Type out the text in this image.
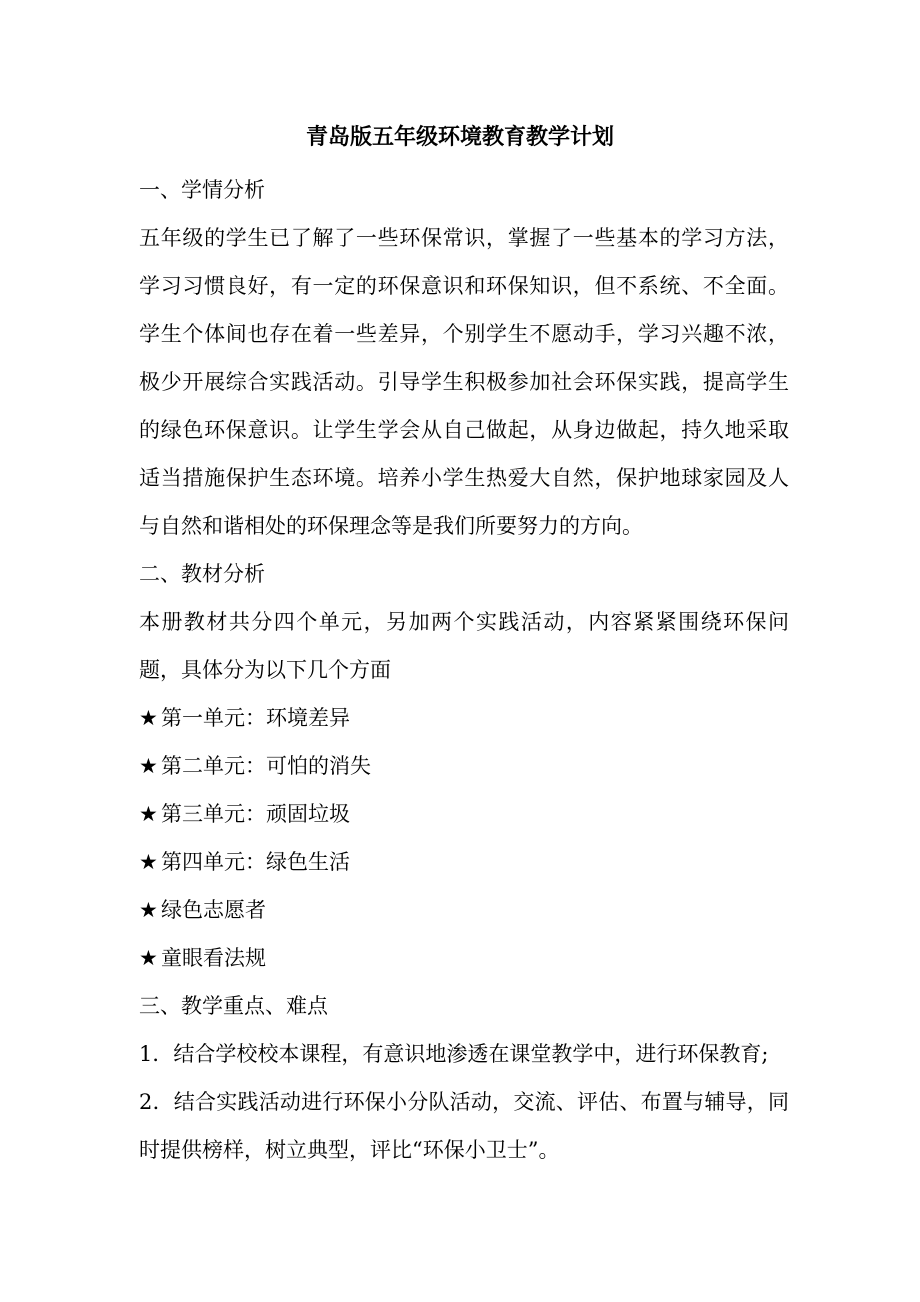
青岛版五年级环境教育教学计划
一、学情分析

五年级的学生已了解了一些环保常识，掌握了一些基本的学习方法，学习习惯良好，有一定的环保意识和环保知识，但不系统、不全面。学生个体间也存在着一些差异，个别学生不愿动手，学习兴趣不浓，极少开展综合实践活动。引导学生积极参加社会环保实践，提高学生的绿色环保意识。让学生学会从自己做起，从身边做起，持久地采取适当措施保护生态环境。培养小学生热爱大自然，保护地球家园及人与自然和谐相处的环保理念等是我们所要努力的方向。

二、教材分析

本册教材共分四个单元，另加两个实践活动，内容紧紧围绕环保问题，具体分为以下几个方面

★ 第一单元：环境差异
★ 第二单元：可怕的消失
★ 第三单元：顽固垃圾
★ 第四单元：绿色生活
★ 绿色志愿者
★ 童眼看法规
三、教学重点、难点

1．结合学校校本课程，有意识地渗透在课堂教学中，进行环保教育;

2．结合实践活动进行环保小分队活动，交流、评估、布置与辅导，同时提供榜样，树立典型，评比“环保小卫士”。
